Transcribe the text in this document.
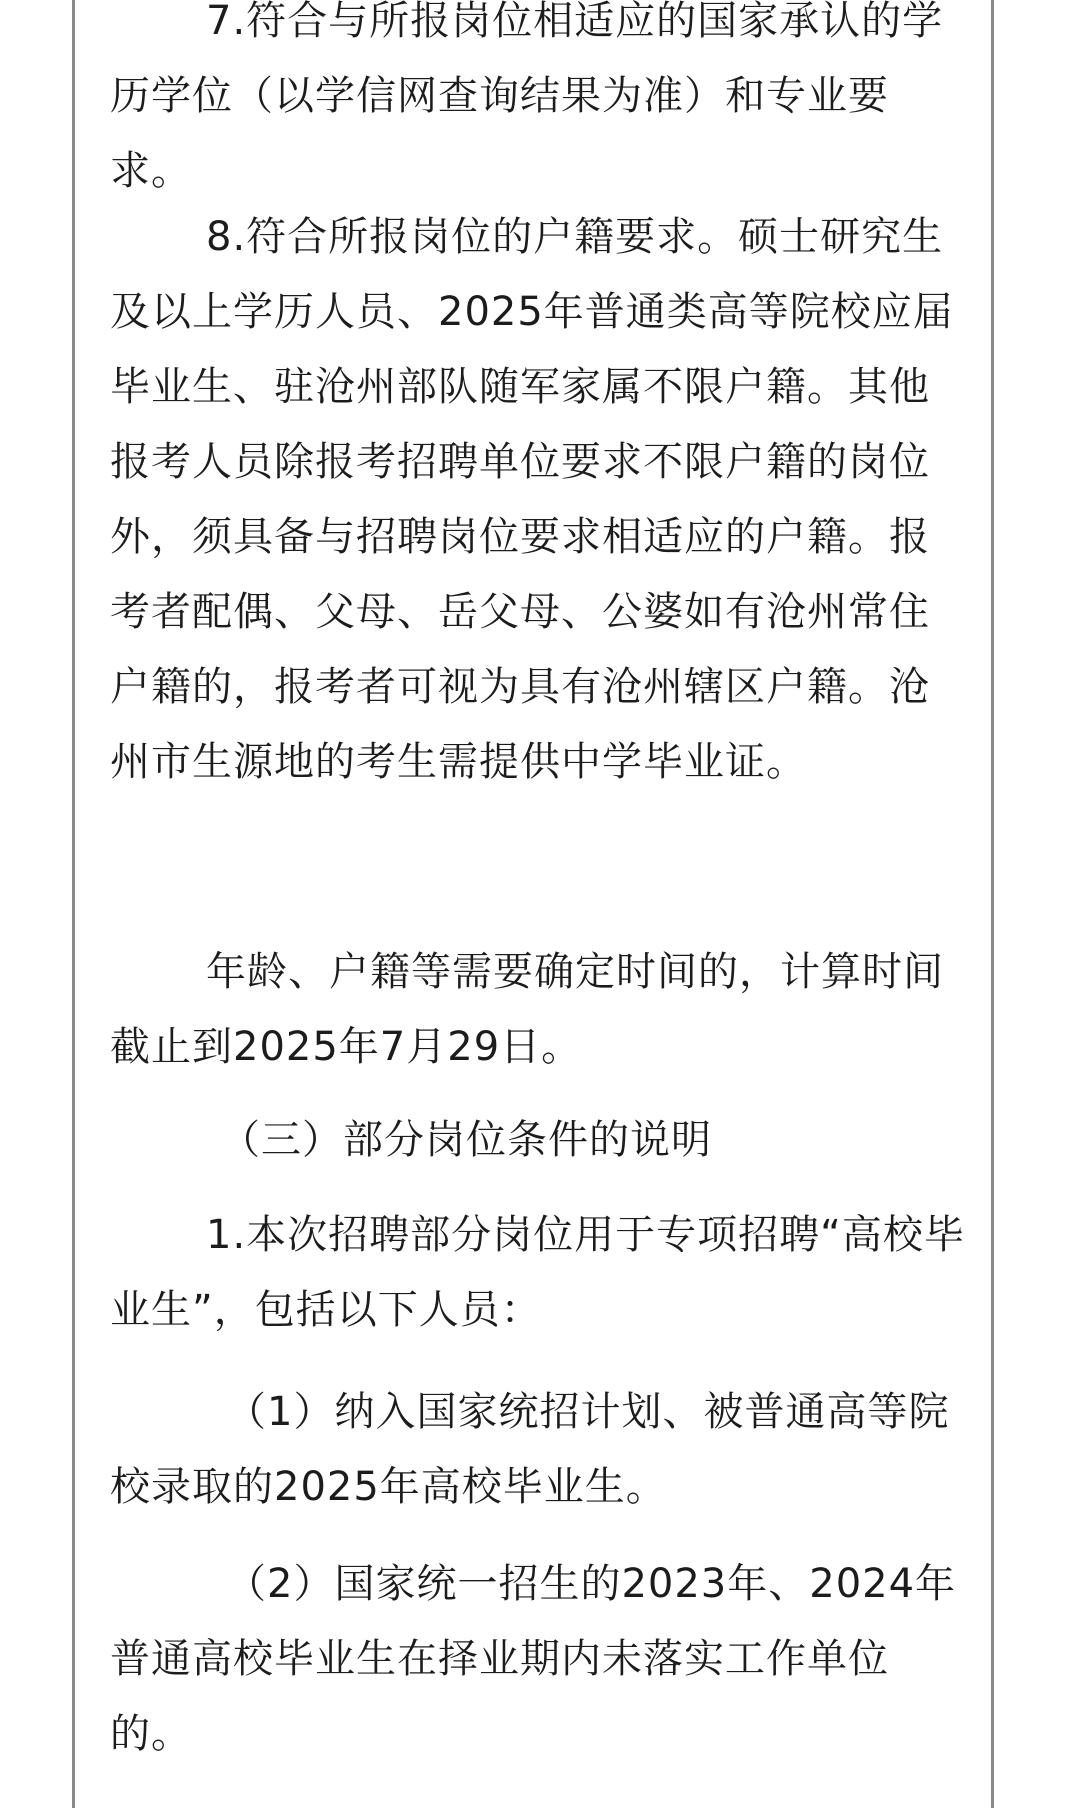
7.符合与所报岗位相适应的国家承认的学历学位（以学信网查询结果为准）和专业要求。

8.符合所报岗位的户籍要求。硕士研究生及以上学历人员、2025年普通类高等院校应届毕业生、驻沧州部队随军家属不限户籍。其他报考人员除报考招聘单位要求不限户籍的岗位外，须具备与招聘岗位要求相适应的户籍。报考者配偶、父母、岳父母、公婆如有沧州常住户籍的，报考者可视为具有沧州辖区户籍。沧州市生源地的考生需提供中学毕业证。

年龄、户籍等需要确定时间的，计算时间截止到2025年7月29日。

（三）部分岗位条件的说明

1.本次招聘部分岗位用于专项招聘“高校毕业生”，包括以下人员：

（1）纳入国家统招计划、被普通高等院校录取的2025年高校毕业生。

（2）国家统一招生的2023年、2024年普通高校毕业生在择业期内未落实工作单位的。
